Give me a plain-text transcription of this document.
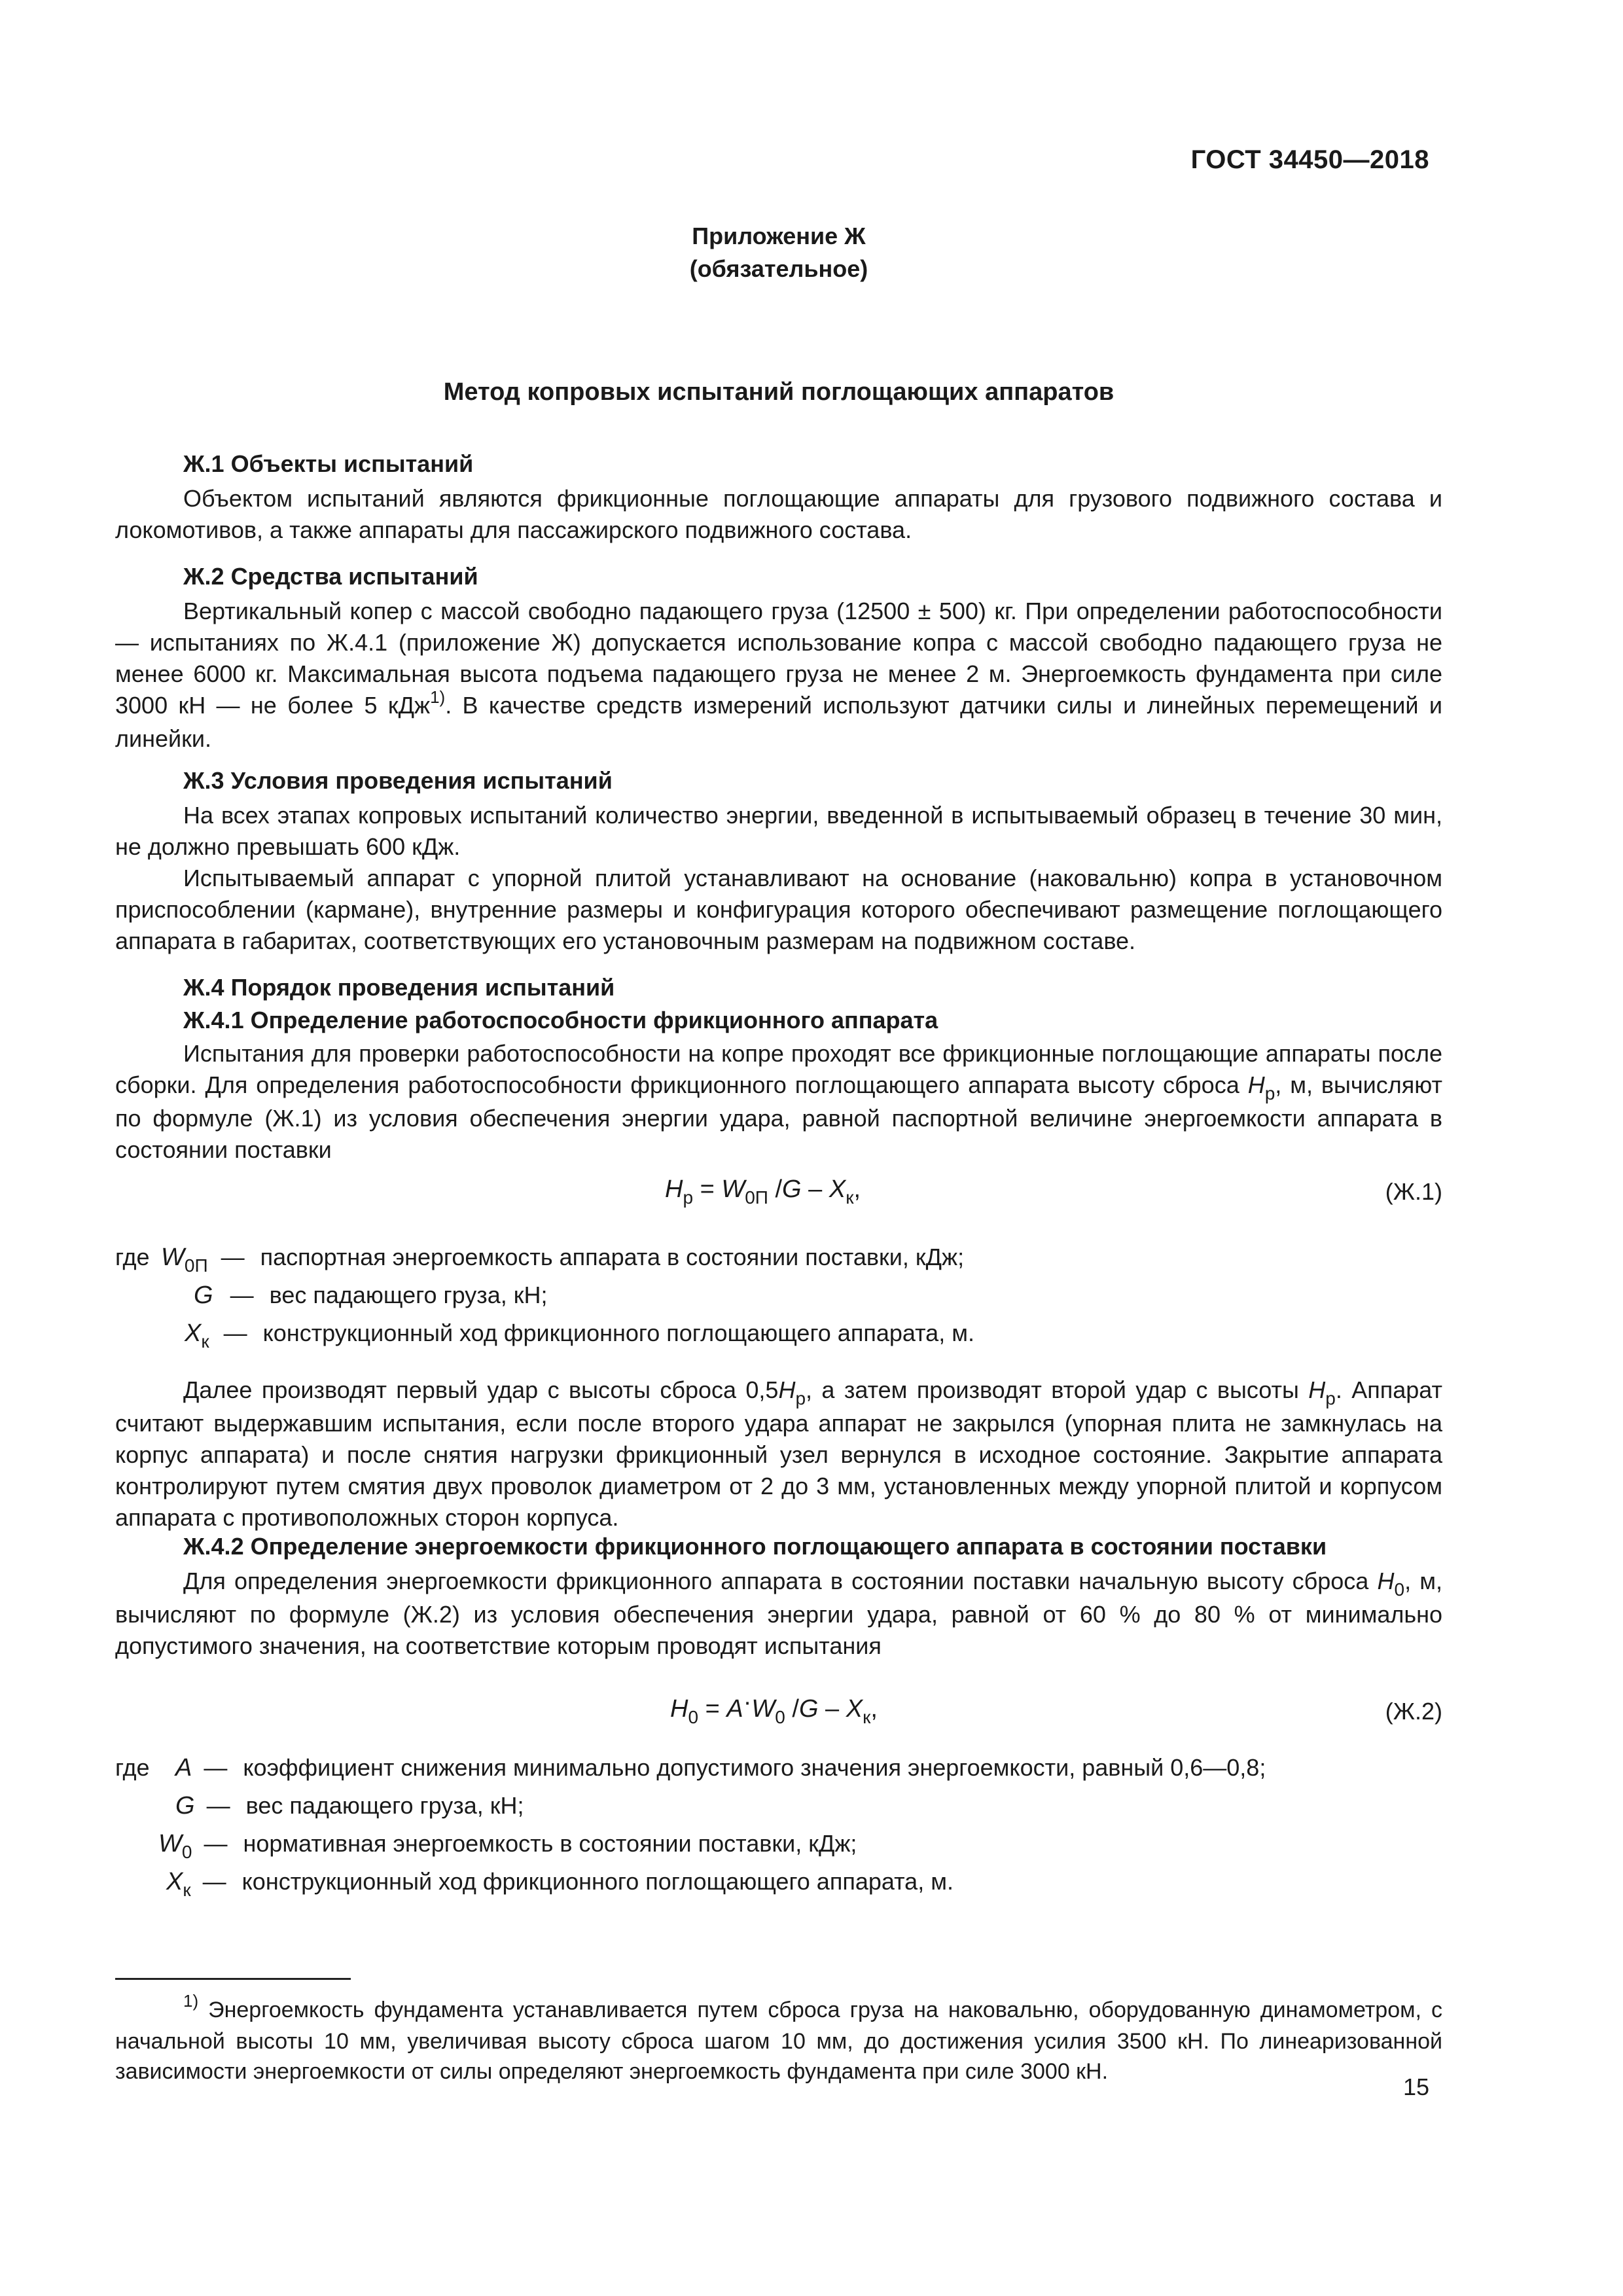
ГОСТ 34450—2018
Приложение Ж
(обязательное)
Метод копровых испытаний поглощающих аппаратов
Ж.1 Объекты испытаний

Объектом испытаний являются фрикционные поглощающие аппараты для грузового подвижного состава и локомотивов, а также аппараты для пассажирского подвижного состава.

Ж.2 Средства испытаний

Вертикальный копер с массой свободно падающего груза (12500 ± 500) кг. При определении работоспособности — испытаниях по Ж.4.1 (приложение Ж) допускается использование копра с массой свободно падающего груза не менее 6000 кг. Максимальная высота подъема падающего груза не менее 2 м. Энергоемкость фундамента при силе 3000 кН — не более 5 кДж$^{1)}$. В качестве средств измерений используют датчики силы и линейных перемещений и линейки.

Ж.3 Условия проведения испытаний

На всех этапах копровых испытаний количество энергии, введенной в испытываемый образец в течение 30 мин, не должно превышать 600 кДж.

Испытываемый аппарат с упорной плитой устанавливают на основание (наковальню) копра в установочном приспособлении (кармане), внутренние размеры и конфигурация которого обеспечивают размещение поглощающего аппарата в габаритах, соответствующих его установочным размерам на подвижном составе.

Ж.4 Порядок проведения испытаний
Ж.4.1 Определение работоспособности фрикционного аппарата

Испытания для проверки работоспособности на копре проходят все фрикционные поглощающие аппараты после сборки. Для определения работоспособности фрикционного поглощающего аппарата высоту сброса $H_р$, м, вычисляют по формуле (Ж.1) из условия обеспечения энергии удара, равной паспортной величине энергоемкости аппарата в состоянии поставки

$H_р = W_{0П}$ $/G - X_к$,	(Ж.1)
где $W_{0П}$ — паспортная энергоемкость аппарата в состоянии поставки, кДж;
G — вес падающего груза, кН;
$X_к$ — конструкционный ход фрикционного поглощающего аппарата, м.

Далее производят первый удар с высоты сброса $0,5H_р$, а затем производят второй удар с высоты $H_р$. Аппарат считают выдержавшим испытания, если после второго удара аппарат не закрылся (упорная плита не замкнулась на корпус аппарата) и после снятия нагрузки фрикционный узел вернулся в исходное состояние. Закрытие аппарата контролируют путем смятия двух проволок диаметром от 2 до 3 мм, установленных между упорной плитой и корпусом аппарата с противоположных сторон корпуса.

Ж.4.2 Определение энергоемкости фрикционного поглощающего аппарата в состоянии поставки

Для определения энергоемкости фрикционного аппарата в состоянии поставки начальную высоту сброса $H_0$, м, вычисляют по формуле (Ж.2) из условия обеспечения энергии удара, равной от 60 % до 80 % от минимально допустимого значения, на соответствие которым проводят испытания

$H_0 = A\cdot W_0$ $/G - X_к$,	(Ж.2)
где A — коэффициент снижения минимально допустимого значения энергоемкости, равный 0,6—0,8;
G — вес падающего груза, кН;
$W_0$ — нормативная энергоемкость в состоянии поставки, кДж;
$X_к$ — конструкционный ход фрикционного поглощающего аппарата, м.
$^{1)}$ Энергоемкость фундамента устанавливается путем сброса груза на наковальню, оборудованную динамометром, с начальной высоты 10 мм, увеличивая высоту сброса шагом 10 мм, до достижения усилия 3500 кН. По линеаризованной зависимости энергоемкости от силы определяют энергоемкость фундамента при силе 3000 кН.
15
